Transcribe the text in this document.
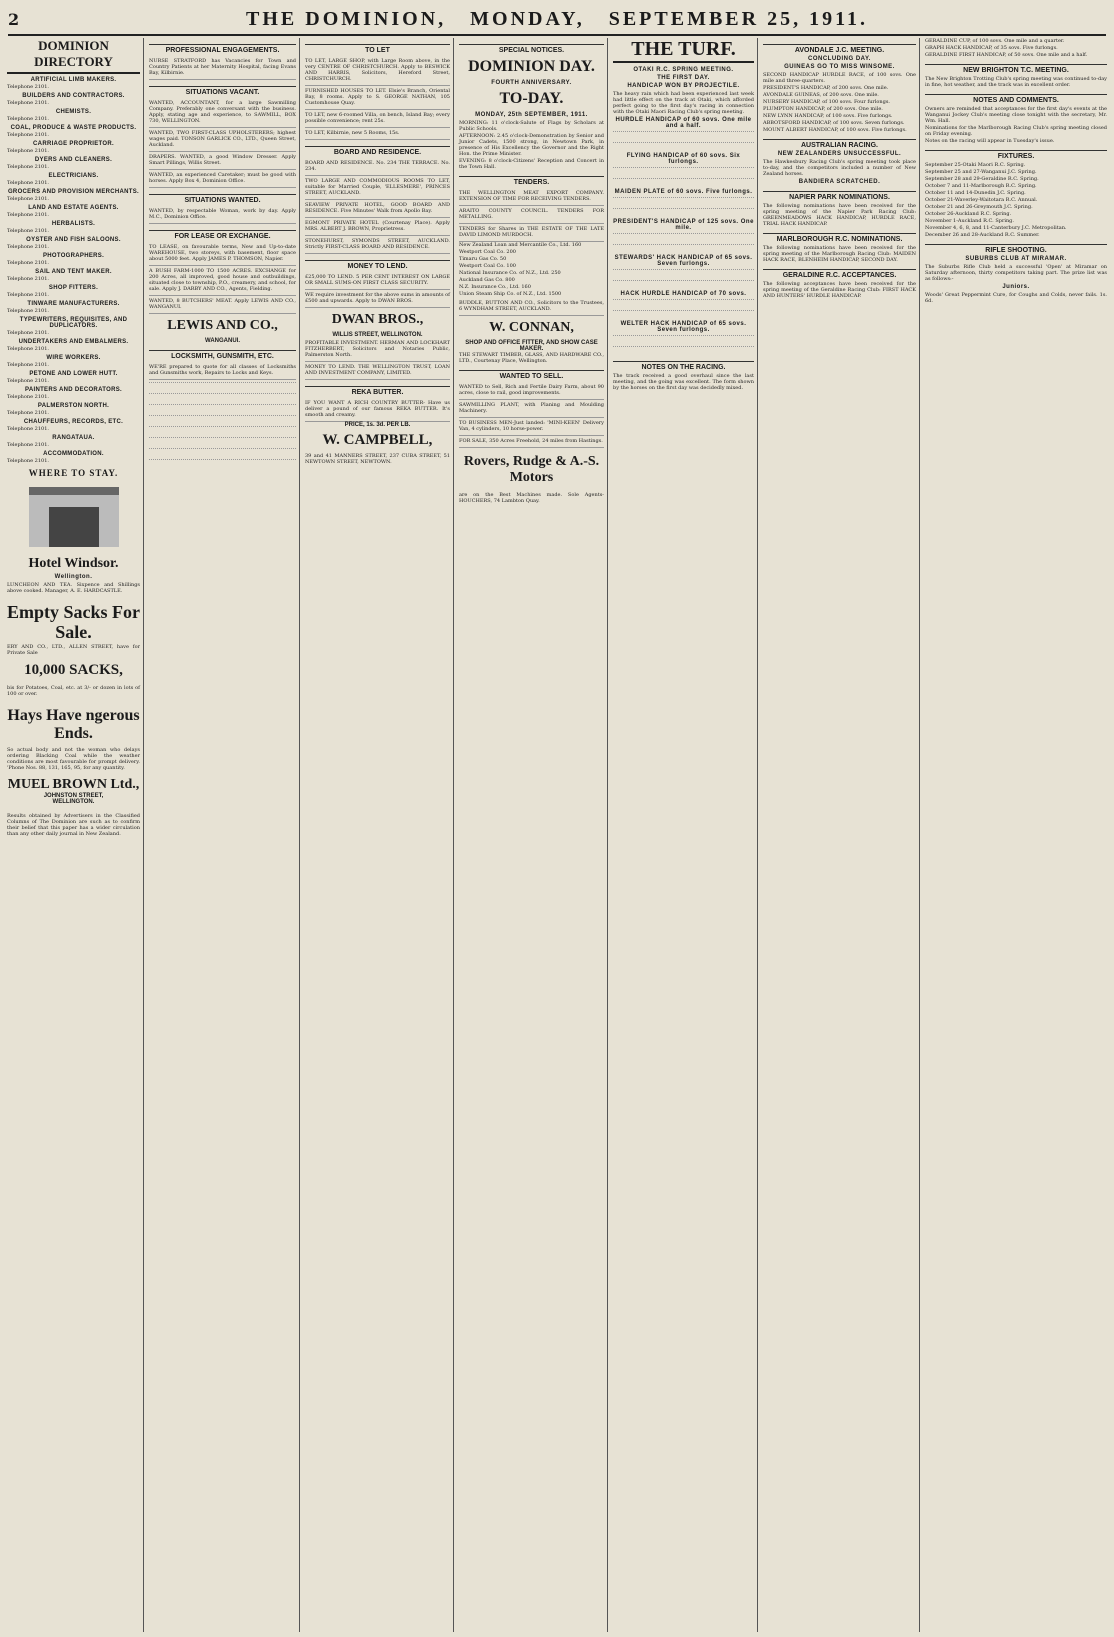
2	THE DOMINION, MONDAY, SEPTEMBER 25, 1911.
DOMINION DIRECTORY
ARTIFICIAL LIMB MAKERS.

Telephone 2101.

BUILDERS AND CONTRACTORS.

Telephone 2101.

CHEMISTS.

Telephone 2101.

COAL, PRODUCE & WASTE PRODUCTS.

Telephone 2101.

CARRIAGE PROPRIETOR.

Telephone 2101.

DYERS AND CLEANERS.

Telephone 2101.

ELECTRICIANS.

Telephone 2101.

GROCERS AND PROVISION MERCHANTS.

Telephone 2101.

LAND AND ESTATE AGENTS.

Telephone 2101.

HERBALISTS.

Telephone 2101.

OYSTER AND FISH SALOONS.

Telephone 2101.

PHOTOGRAPHERS.

Telephone 2101.

SAIL AND TENT MAKER.

Telephone 2101.

SHOP FITTERS.

Telephone 2101.

TINWARE MANUFACTURERS.

Telephone 2101.

TYPEWRITERS, REQUISITES, AND DUPLICATORS.

Telephone 2101.

UNDERTAKERS AND EMBALMERS.

Telephone 2101.

WIRE WORKERS.

Telephone 2101.

PETONE AND LOWER HUTT.

Telephone 2101.

PAINTERS AND DECORATORS.

Telephone 2101.

PALMERSTON NORTH.

Telephone 2101.

CHAUFFEURS, RECORDS, ETC.

Telephone 2101.

RANGATAUA.

Telephone 2101.

ACCOMMODATION.

Telephone 2101.

WHERE TO STAY.
Hotel Windsor.
Wellington.

LUNCHEON AND TEA. Sixpence and Shillings above cooked. Manager, A. E. HARDCASTLE.

Empty Sacks For Sale.

ERY AND CO., LTD., ALLEN STREET, have for Private Sale

10,000 SACKS,

bis for Potatoes, Coal, etc. at 3/- or dozen in lots of 100 or over.

Hays Have ngerous Ends.

So actual body and not the woman who delays ordering Blacking Coal while the weather conditions are most favourable for prompt delivery. 'Phone Nos. 88, 131, 165, 95, for any quantity.

MUEL BROWN Ltd.,
JOHNSTON STREET,
WELLINGTON.

Results obtained by Advertisers in the Classified Columns of The Dominion are such as to confirm their belief that this paper has a wider circulation than any other daily journal in New Zealand.

PROFESSIONAL ENGAGEMENTS.

NURSE STRATFORD has Vacancies for Town and Country Patients at her Maternity Hospital, facing Evans Bay, Kilbirnie.

SITUATIONS VACANT.

WANTED, ACCOUNTANT, for a large Sawmilling Company. Preferably one conversant with the business. Apply, stating age and experience, to SAWMILL, BOX 730, WELLINGTON.

WANTED, TWO FIRST-CLASS UPHOLSTERERS; highest wages paid. TONSON GARLICK CO., LTD., Queen Street, Auckland.

DRAPERS. WANTED, a good Window Dresser. Apply Smart Pillings, Willis Street.

WANTED, an experienced Caretaker; must be good with horses. Apply Box 4, Dominion Office.

SITUATIONS WANTED.

WANTED, by respectable Woman, work by day. Apply M.C., Dominion Office.

FOR LEASE OR EXCHANGE.

TO LEASE, on favourable terms, New and Up-to-date WAREHOUSE, two storeys, with basement, floor space about 5000 feet. Apply JAMES P. THOMSON, Napier.

A BUSH FARM-1000 TO 1500 ACRES. EXCHANGE for 200 Acres, all improved, good house and outbuildings, situated close to township, P.O., creamery, and school, for sale. Apply J. DARBY AND CO., Agents, Fielding.

WANTED, 8 BUTCHERS' MEAT. Apply LEWIS AND CO., WANGANUI.

LEWIS AND CO.,
WANGANUI.
LOCKSMITH, GUNSMITH, ETC.

WE'RE prepared to quote for all classes of Locksmiths and Gunsmiths work, Repairs to Locks and Keys.

TO LET

TO LET, LARGE SHOP, with Large Room above, in the very CENTRE OF CHRISTCHURCH. Apply to BESWICK AND HARRIS, Solicitors, Hereford Street, CHRISTCHURCH.

FURNISHED HOUSES TO LET. Elsie's Branch, Oriental Bay, 8 rooms. Apply to S. GEORGE NATHAN, 105 Customhouse Quay.

TO LET, new 6-roomed Villa, on bench, Island Bay; every possible convenience; rent 25s.

TO LET, Kilbirnie, new 5 Rooms, 15s.

BOARD AND RESIDENCE.

BOARD AND RESIDENCE. No. 234 THE TERRACE. No. 234.

TWO LARGE AND COMMODIOUS ROOMS TO LET, suitable for Married Couple, 'ELLESMERE', PRINCES STREET, AUCKLAND.

SEAVIEW PRIVATE HOTEL, GOOD BOARD AND RESIDENCE. Five Minutes' Walk from Apollo Bay.

EGMONT PRIVATE HOTEL (Courtenay Place). Apply MRS. ALBERT J. BROWN, Proprietress.

STONEHURST, SYMONDS STREET, AUCKLAND. Strictly FIRST-CLASS BOARD AND RESIDENCE.

MONEY TO LEND.

£25,000 TO LEND. 5 PER CENT INTEREST ON LARGE OR SMALL SUMS-ON FIRST CLASS SECURITY.

WE require investment for the above sums in amounts of £500 and upwards. Apply to DWAN BROS.

DWAN BROS.,
WILLIS STREET, WELLINGTON.

PROFITABLE INVESTMENT. HERMAN AND LOCKHART FITZHERBERT, Solicitors and Notaries Public, Palmerston North.

MONEY TO LEND. THE WELLINGTON TRUST, LOAN AND INVESTMENT COMPANY, LIMITED.

REKA BUTTER.

IF YOU WANT A RICH COUNTRY BUTTER- Have us deliver a pound of our famous REKA BUTTER. It's smooth and creamy.

PRICE, 1s. 3d. PER LB.
W. CAMPBELL,

39 and 41 MANNERS STREET, 237 CUBA STREET, 51 NEWTOWN STREET, NEWTOWN.

SPECIAL NOTICES.
DOMINION DAY.
FOURTH ANNIVERSARY.
TO-DAY.
MONDAY, 25th SEPTEMBER, 1911.

MORNING: 11 o'clock-Salute of Flags by Scholars at Public Schools.

AFTERNOON: 2.45 o'clock-Demonstration by Senior and Junior Cadets, 1500 strong, in Newtown Park, in presence of His Excellency the Governor and the Right Hon. the Prime Minister.

EVENING: 8 o'clock-Citizens' Reception and Concert in the Town Hall.

TENDERS.

THE WELLINGTON MEAT EXPORT COMPANY. EXTENSION OF TIME FOR RECEIVING TENDERS.

ARAITO COUNTY COUNCIL. TENDERS FOR METALLING.

TENDERS for Shares in THE ESTATE OF THE LATE DAVID LIMOND MURDOCH.

New Zealand Loan and Mercantile Co., Ltd. 160
Westport Coal Co. 200
Timaru Gas Co. 50
Westport Coal Co. 100
National Insurance Co. of N.Z., Ltd. 250
Auckland Gas Co. 800
N.Z. Insurance Co., Ltd. 160
Union Steam Ship Co. of N.Z., Ltd. 1500

BUDDLE, BUTTON AND CO., Solicitors to the Trustees, 6 WYNDHAM STREET, AUCKLAND.

W. CONNAN,
SHOP AND OFFICE FITTER, AND SHOW CASE MAKER.

THE STEWART TIMBER, GLASS, AND HARDWARE CO., LTD., Courtenay Place, Wellington.

WANTED TO SELL.

WANTED to Sell, Rich and Fertile Dairy Farm, about 90 acres, close to rail, good improvements.

SAWMILLING PLANT, with Planing and Moulding Machinery.

TO BUSINESS MEN-Just landed: 'MINI-KEEN' Delivery Van, 4 cylinders, 10 horse-power.

FOR SALE, 350 Acres Freehold, 24 miles from Hastings.

Rovers, Rudge & A.-S. Motors

are on the Best Machines made. Sole Agents-HOUCHERS, 74 Lambton Quay.

THE TURF.
OTAKI R.C. SPRING MEETING.
THE FIRST DAY.
HANDICAP WON BY PROJECTILE.

The heavy rain which had been experienced last week had little effect on the track at Otaki, which afforded perfect going to the first day's racing in connection with the Otaki Maori Racing Club's spring meeting.

HURDLE HANDICAP of 60 sovs. One mile and a half.
FLYING HANDICAP of 60 sovs. Six furlongs.
MAIDEN PLATE of 60 sovs. Five furlongs.
PRESIDENT'S HANDICAP of 125 sovs. One mile.
STEWARDS' HACK HANDICAP of 65 sovs. Seven furlongs.
HACK HURDLE HANDICAP of 70 sovs.
WELTER HACK HANDICAP of 65 sovs. Seven furlongs.
NOTES ON THE RACING.

The track received a good overhaul since the last meeting, and the going was excellent. The form shown by the horses on the first day was decidedly mixed.

AVONDALE J.C. MEETING.
CONCLUDING DAY.
GUINEAS GO TO MISS WINSOME.
SECOND HANDICAP HURDLE RACE, of 100 sovs. One mile and three-quarters.
PRESIDENT'S HANDICAP, of 200 sovs. One mile.
AVONDALE GUINEAS, of 200 sovs. One mile.
NURSERY HANDICAP, of 100 sovs. Four furlongs.
PLUMPTON HANDICAP, of 200 sovs. One mile.
NEW LYNN HANDICAP, of 100 sovs. Five furlongs.
ABBOTSFORD HANDICAP, of 100 sovs. Seven furlongs.
MOUNT ALBERT HANDICAP, of 100 sovs. Five furlongs.
AUSTRALIAN RACING.
NEW ZEALANDERS UNSUCCESSFUL.

The Hawkesbury Racing Club's spring meeting took place to-day, and the competitors included a number of New Zealand horses.

BANDIERA SCRATCHED.
NAPIER PARK NOMINATIONS.

The following nominations have been received for the spring meeting of the Napier Park Racing Club: GREENMEADOWS HACK HANDICAP, HURDLE RACE, TRIAL HACK HANDICAP.

MARLBOROUGH R.C. NOMINATIONS.

The following nominations have been received for the spring meeting of the Marlborough Racing Club: MAIDEN HACK RACE, BLENHEIM HANDICAP, SECOND DAY.

GERALDINE R.C. ACCEPTANCES.

The following acceptances have been received for the spring meeting of the Geraldine Racing Club: FIRST HACK AND HUNTERS' HURDLE HANDICAP.

GERALDINE CUP, of 100 sovs. One mile and a quarter.

GRAPH HACK HANDICAP, of 35 sovs. Five furlongs.

GERALDINE FIRST HANDICAP, of 50 sovs. One mile and a half.

NEW BRIGHTON T.C. MEETING.

The New Brighton Trotting Club's spring meeting was continued to-day in fine, hot weather, and the track was in excellent order.

NOTES AND COMMENTS.

Owners are reminded that acceptances for the first day's events at the Wanganui Jockey Club's meeting close tonight with the secretary, Mr. Wm. Hall.

Nominations for the Marlborough Racing Club's spring meeting closed on Friday evening.

Notes on the racing will appear in Tuesday's issue.

FIXTURES.
September 25-Otaki Maori R.C. Spring.
September 25 and 27-Wanganui J.C. Spring.
September 28 and 29-Geraldine R.C. Spring.
October 7 and 11-Marlborough R.C. Spring.
October 11 and 14-Dunedin J.C. Spring.
October 21-Waverley-Waitotara R.C. Annual.
October 21 and 26-Greymouth J.C. Spring.
October 26-Auckland R.C. Spring.
November 1-Auckland R.C. Spring.
November 4, 6, 8, and 11-Canterbury J.C. Metropolitan.
December 26 and 28-Auckland R.C. Summer.
RIFLE SHOOTING.
SUBURBS CLUB AT MIRAMAR.

The Suburbs Rifle Club held a successful 'Open' at Miramar on Saturday afternoon, thirty competitors taking part. The prize list was as follows:-

Juniors.

Woods' Great Peppermint Cure, for Coughs and Colds, never fails. 1s. 6d.
